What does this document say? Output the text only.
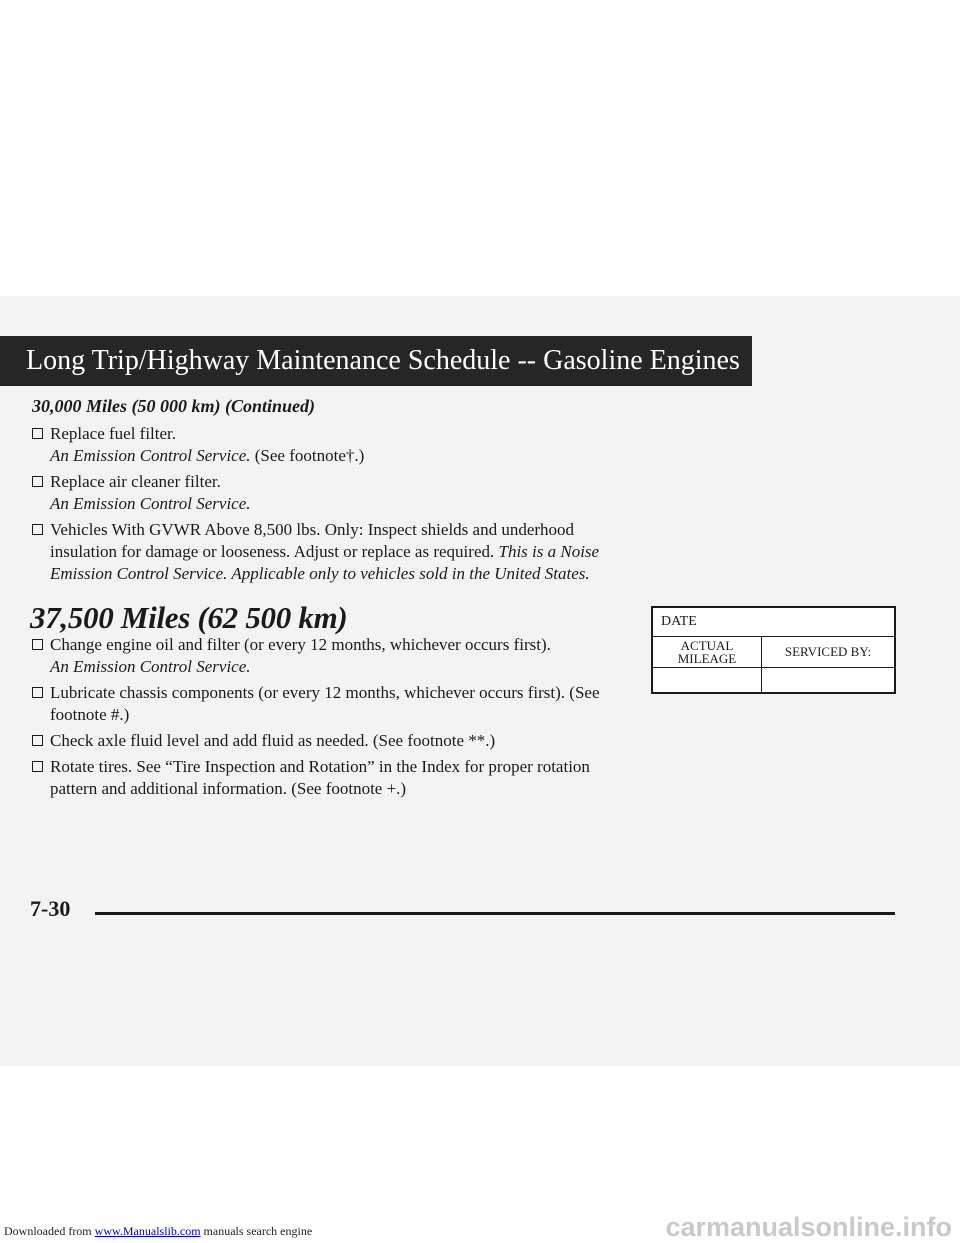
Long Trip/Highway Maintenance Schedule -- Gasoline Engines
30,000 Miles (50 000 km) (Continued)
Replace fuel filter.
An Emission Control Service. (See footnote†.)
Replace air cleaner filter.
An Emission Control Service.
Vehicles With GVWR Above 8,500 lbs. Only: Inspect shields and underhood insulation for damage or looseness. Adjust or replace as required. This is a Noise Emission Control Service. Applicable only to vehicles sold in the United States.
37,500 Miles (62 500 km)
Change engine oil and filter (or every 12 months, whichever occurs first).
An Emission Control Service.
Lubricate chassis components (or every 12 months, whichever occurs first). (See footnote #.)
Check axle fluid level and add fluid as needed. (See footnote **.)
Rotate tires. See “Tire Inspection and Rotation” in the Index for proper rotation pattern and additional information. (See footnote +.)
DATE	

ACTUAL
MILEAGE	SERVICED BY:

7-30
Downloaded from www.Manualslib.com manuals search engine	carmanualsonline.info
